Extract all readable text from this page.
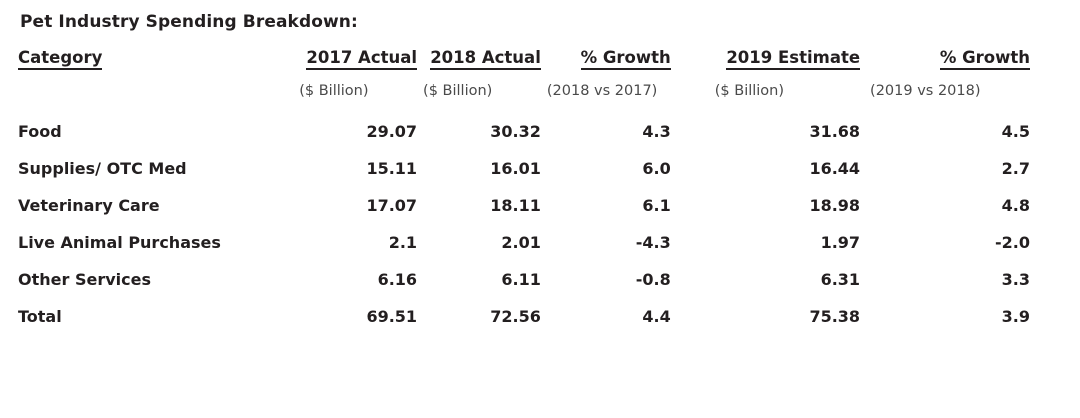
Pet Industry Spending Breakdown:
Category	2017 Actual	2018 Actual	% Growth	2019 Estimate	% Growth
	($ Billion)	($ Billion)	(2018 vs 2017)	($ Billion)	(2019 vs 2018)
Food	29.07	30.32	4.3	31.68	4.5
Supplies/ OTC Med	15.11	16.01	6.0	16.44	2.7
Veterinary Care	17.07	18.11	6.1	18.98	4.8
Live Animal Purchases	2.1	2.01	-4.3	1.97	-2.0
Other Services	6.16	6.11	-0.8	6.31	3.3
Total	69.51	72.56	4.4	75.38	3.9
